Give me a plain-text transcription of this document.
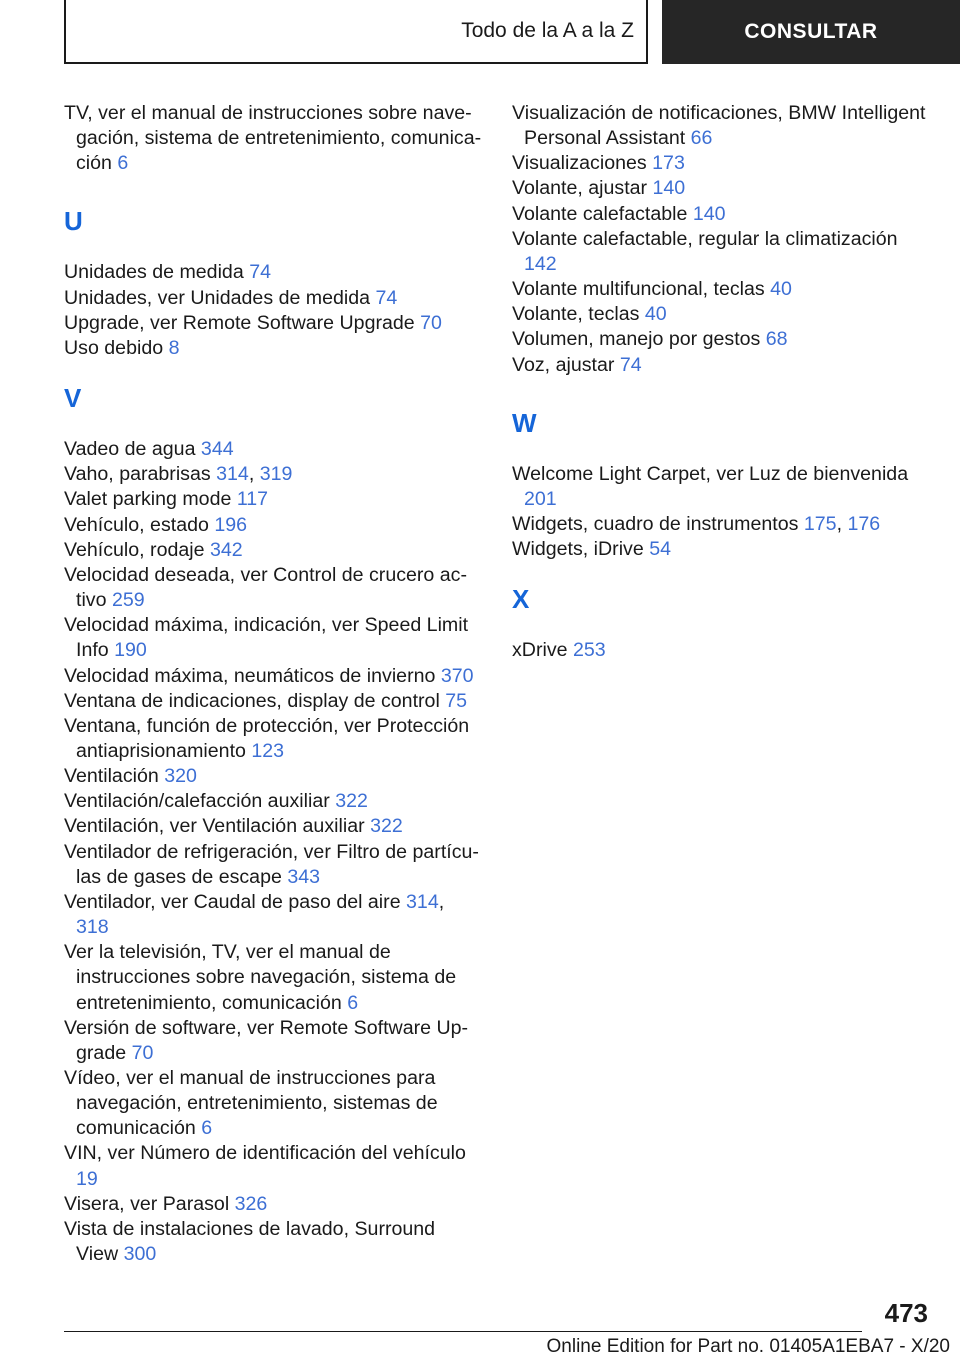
Todo de la A a la Z	CONSULTAR
TV, ver el manual de instrucciones sobre navegación, sistema de entretenimiento, comunicación 6
U
Unidades de medida 74
Unidades, ver Unidades de medida 74
Upgrade, ver Remote Software Upgrade 70
Uso debido 8
V
Vadeo de agua 344
Vaho, parabrisas 314, 319
Valet parking mode 117
Vehículo, estado 196
Vehículo, rodaje 342
Velocidad deseada, ver Control de crucero activo 259
Velocidad máxima, indicación, ver Speed Limit Info 190
Velocidad máxima, neumáticos de invierno 370
Ventana de indicaciones, display de control 75
Ventana, función de protección, ver Protección antiaprisionamiento 123
Ventilación 320
Ventilación/calefacción auxiliar 322
Ventilación, ver Ventilación auxiliar 322
Ventilador de refrigeración, ver Filtro de partículas de gases de escape 343
Ventilador, ver Caudal de paso del aire 314, 318
Ver la televisión, TV, ver el manual de instrucciones sobre navegación, sistema de entretenimiento, comunicación 6
Versión de software, ver Remote Software Upgrade 70
Vídeo, ver el manual de instrucciones para navegación, entretenimiento, sistemas de comunicación 6
VIN, ver Número de identificación del vehículo 19
Visera, ver Parasol 326
Vista de instalaciones de lavado, Surround View 300
Visualización de notificaciones, BMW Intelligent Personal Assistant 66
Visualizaciones 173
Volante, ajustar 140
Volante calefactable 140
Volante calefactable, regular la climatización 142
Volante multifuncional, teclas 40
Volante, teclas 40
Volumen, manejo por gestos 68
Voz, ajustar 74
W
Welcome Light Carpet, ver Luz de bienvenida 201
Widgets, cuadro de instrumentos 175, 176
Widgets, iDrive 54
X
xDrive 253
473
Online Edition for Part no. 01405A1EBA7 - X/20
